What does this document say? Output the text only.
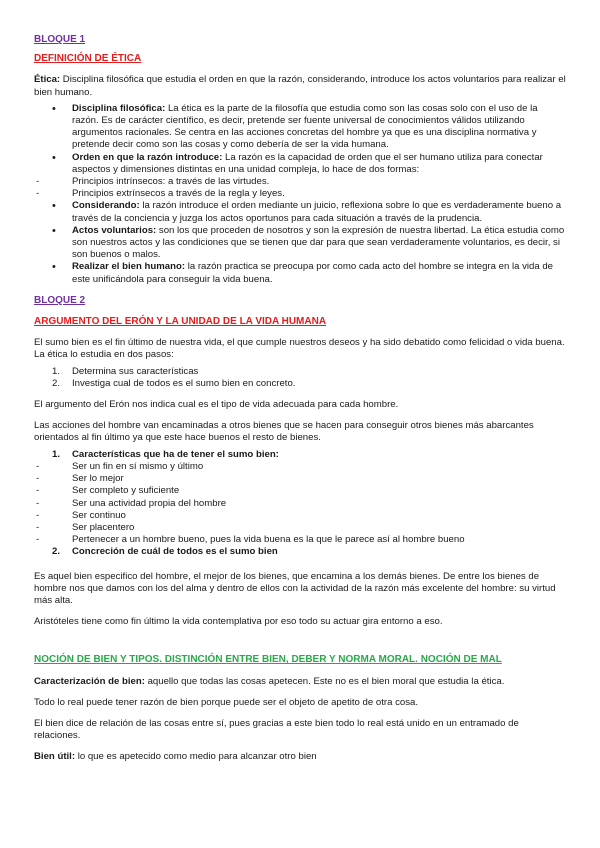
BLOQUE 1

DEFINICIÓN DE ÉTICA

Ética: Disciplina filosófica que estudia el orden en que la razón, considerando, introduce los actos voluntarios para realizar el bien humano.

• Disciplina filosófica: La ética es la parte de la filosofía que estudia como son las cosas solo con el uso de la razón. Es de carácter científico, es decir, pretende ser fuente universal de conocimientos válidos utilizando argumentos racionales. Se centra en las acciones concretas del hombre ya que es una disciplina normativa y pretende decir como son las cosas y como debería de ser la vida humana.
• Orden en que la razón introduce: La razón es la capacidad de orden que el ser humano utiliza para conectar aspectos y dimensiones distintas en una unidad compleja, lo hace de dos formas:
- Principios intrínsecos: a través de las virtudes.
- Principios extrínsecos a través de la regla y leyes.
• Considerando: la razón introduce el orden mediante un juicio, reflexiona sobre lo que es verdaderamente bueno a través de la conciencia y juzga los actos oportunos para cada situación a través de la prudencia.
• Actos voluntarios: son los que proceden de nosotros y son la expresión de nuestra libertad. La ética estudia como son nuestros actos y las condiciones que se tienen que dar para que sean verdaderamente voluntarios, es decir, si son buenos o malos.
• Realizar el bien humano: la razón practica se preocupa por como cada acto del hombre se integra en la vida de este unificándola para conseguir la vida buena.

BLOQUE 2

ARGUMENTO DEL ERÓN Y LA UNIDAD DE LA VIDA HUMANA

El sumo bien es el fin último de nuestra vida, el que cumple nuestros deseos y ha sido debatido como felicidad o vida buena. La ética lo estudia en dos pasos:

1. Determina sus características
2. Investiga cual de todos es el sumo bien en concreto.

El argumento del Erón nos indica cual es el tipo de vida adecuada para cada hombre.

Las acciones del hombre van encaminadas a otros bienes que se hacen para conseguir otros bienes más abarcantes orientados al fin último ya que este hace buenos el resto de bienes.

1. Características que ha de tener el sumo bien:
- Ser un fin en sí mismo y último
- Ser lo mejor
- Ser completo y suficiente
- Ser una actividad propia del hombre
- Ser continuo
- Ser placentero
- Pertenecer a un hombre bueno, pues la vida buena es la que le parece así al hombre bueno
2. Concreción de cuál de todos es el sumo bien

Es aquel bien especifico del hombre, el mejor de los bienes, que encamina a los demás bienes. De entre los bienes de hombre nos que damos con los del alma y dentro de ellos con la actividad de la razón más excelente del hombre: su virtud más alta.

Aristóteles tiene como fin último la vida contemplativa por eso todo su actuar gira entorno a eso.

NOCIÓN DE BIEN Y TIPOS. DISTINCIÓN ENTRE BIEN, DEBER Y NORMA MORAL. NOCIÓN DE MAL

Caracterización de bien: aquello que todas las cosas apetecen. Este no es el bien moral que estudia la ética.

Todo lo real puede tener razón de bien porque puede ser el objeto de apetito de otra cosa.

El bien dice de relación de las cosas entre sí, pues gracias a este bien todo lo real está unido en un entramado de relaciones.

Bien útil: lo que es apetecido como medio para alcanzar otro bien
